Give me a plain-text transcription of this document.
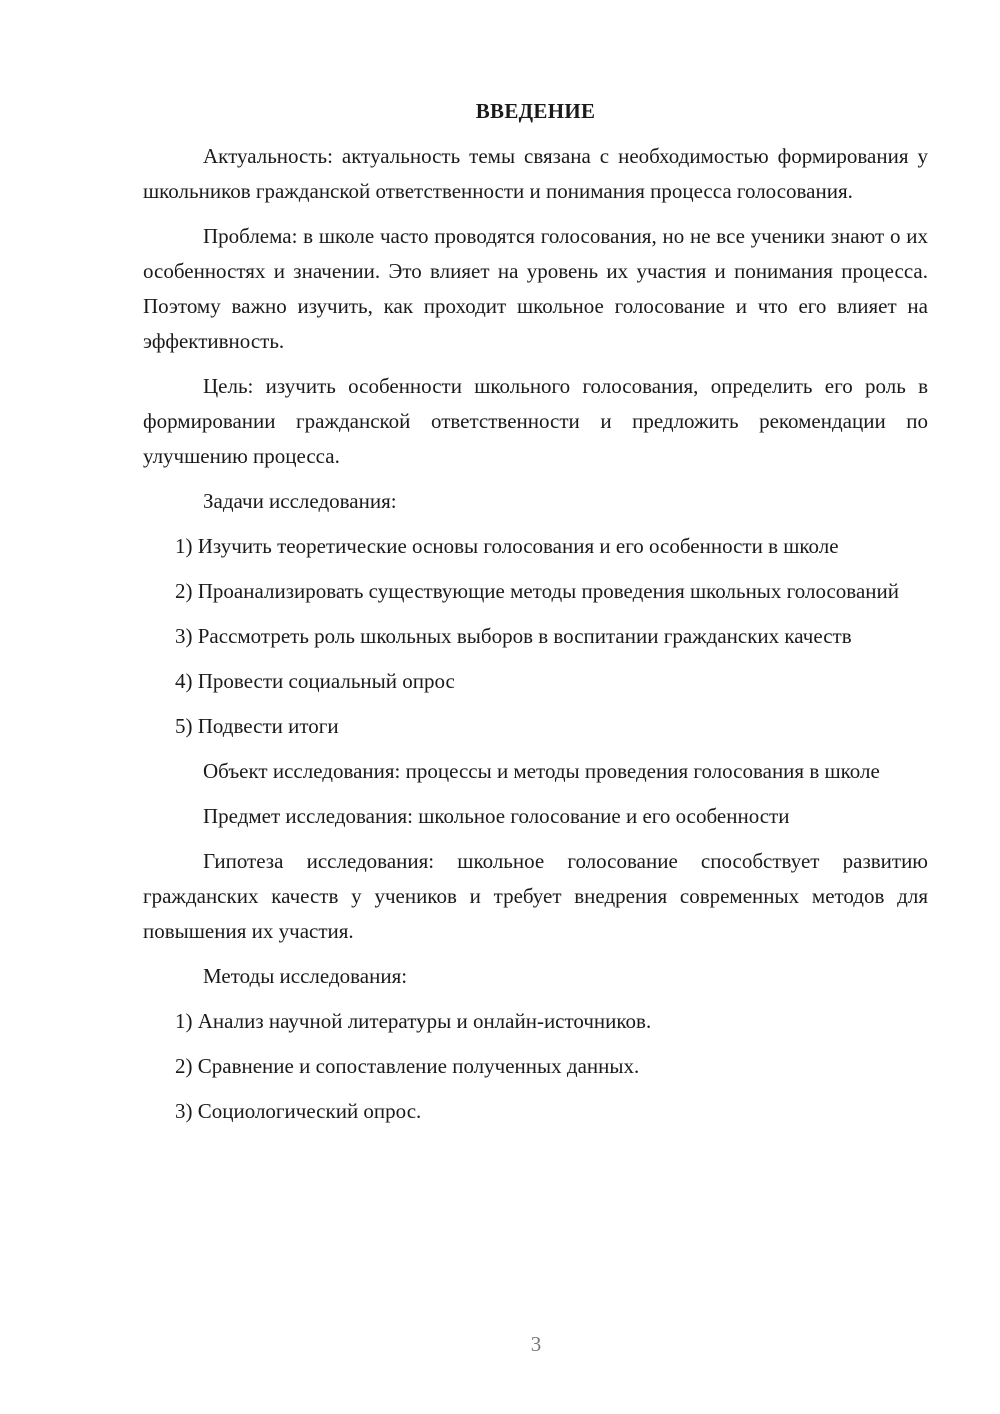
ВВЕДЕНИЕ

Актуальность: актуальность темы связана с необходимостью формирования у школьников гражданской ответственности и понимания процесса голосования.

Проблема: в школе часто проводятся голосования, но не все ученики знают о их особенностях и значении. Это влияет на уровень их участия и понимания процесса. Поэтому важно изучить, как проходит школьное голосование и что его влияет на эффективность.

Цель: изучить особенности школьного голосования, определить его роль в формировании гражданской ответственности и предложить рекомендации по улучшению процесса.

Задачи исследования:

1) Изучить теоретические основы голосования и его особенности в школе

2) Проанализировать существующие методы проведения школьных голосований

3) Рассмотреть роль школьных выборов в воспитании гражданских качеств

4) Провести социальный опрос

5) Подвести итоги

Объект исследования: процессы и методы проведения голосования в школе

Предмет исследования: школьное голосование и его особенности

Гипотеза исследования: школьное голосование способствует развитию гражданских качеств у учеников и требует внедрения современных методов для повышения их участия.

Методы исследования:

1) Анализ научной литературы и онлайн-источников.

2) Сравнение и сопоставление полученных данных.

3) Социологический опрос.

3
